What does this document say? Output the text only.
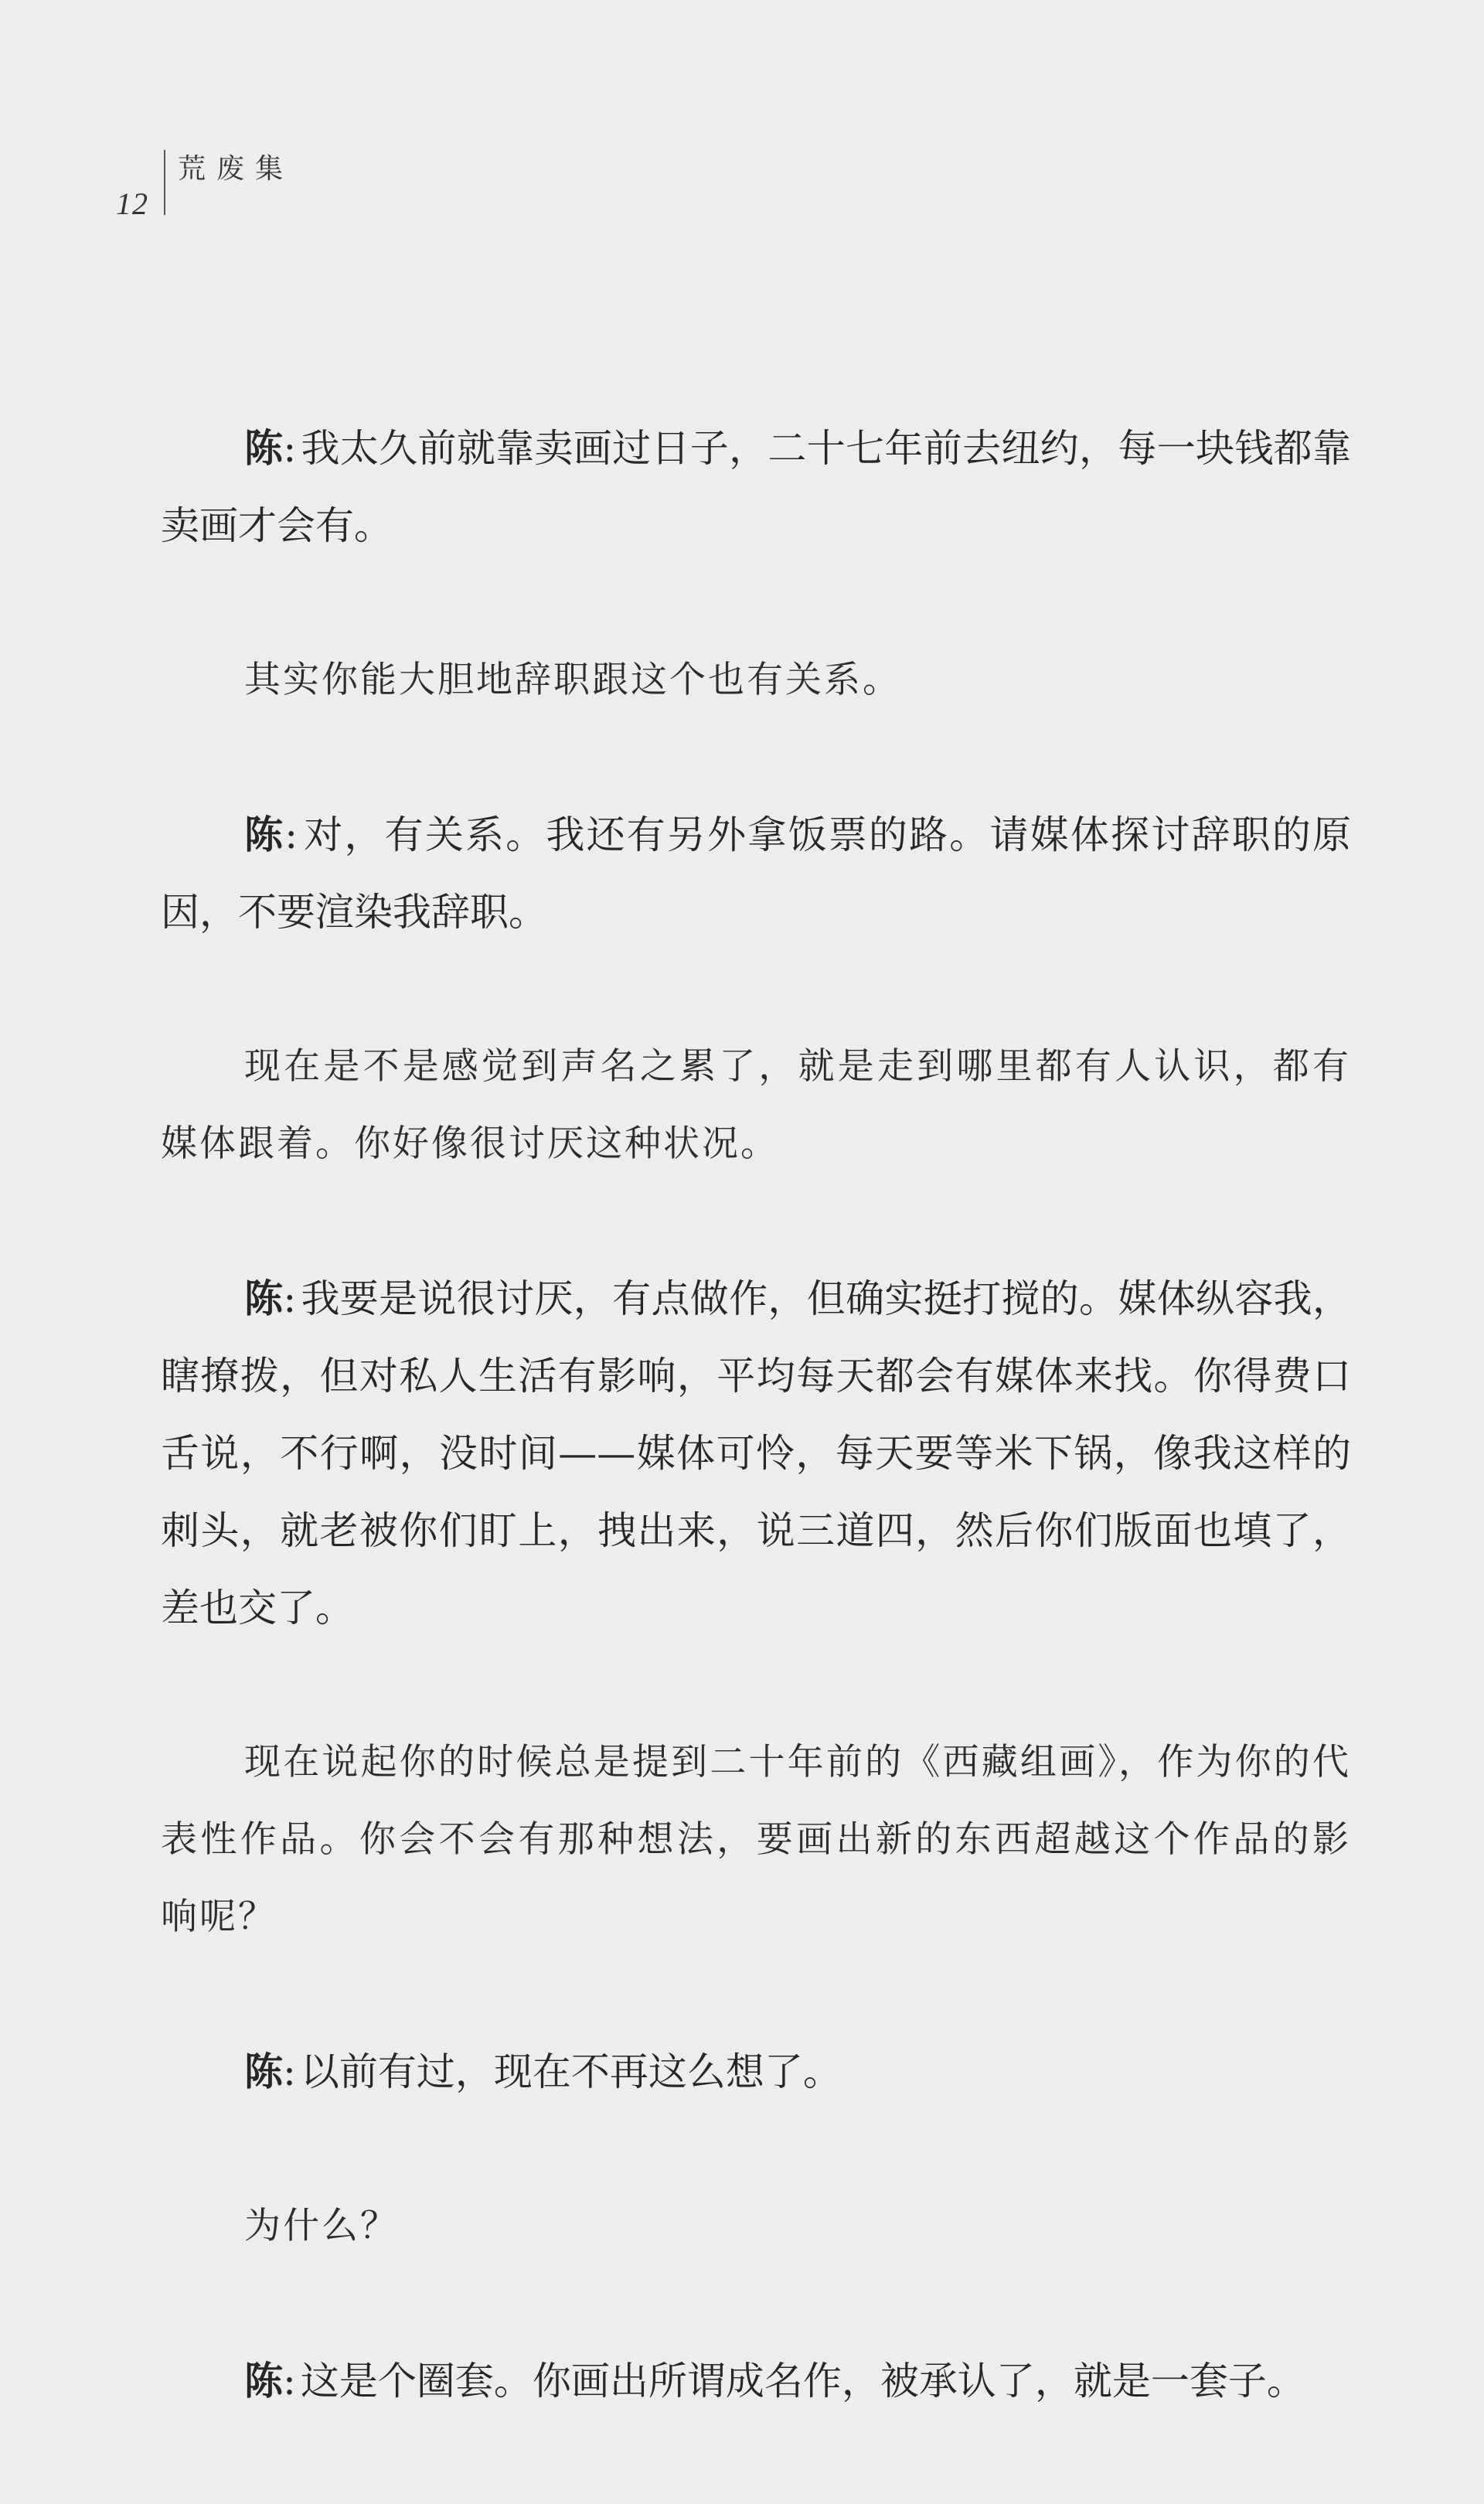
12
荒废集

陈: 我太久前就靠卖画过日子，二十七年前去纽约，每一块钱都靠卖画才会有。

其实你能大胆地辞职跟这个也有关系。

陈: 对，有关系。我还有另外拿饭票的路。请媒体探讨辞职的原因，不要渲染我辞职。

现在是不是感觉到声名之累了，就是走到哪里都有人认识，都有媒体跟着。你好像很讨厌这种状况。

陈: 我要是说很讨厌，有点做作，但确实挺打搅的。媒体纵容我，瞎撩拨，但对私人生活有影响，平均每天都会有媒体来找。你得费口舌说，不行啊，没时间——媒体可怜，每天要等米下锅，像我这样的刺头，就老被你们盯上，拽出来，说三道四，然后你们版面也填了，差也交了。

现在说起你的时候总是提到二十年前的《西藏组画》，作为你的代表性作品。你会不会有那种想法，要画出新的东西超越这个作品的影响呢？

陈: 以前有过，现在不再这么想了。

为什么？

陈: 这是个圈套。你画出所谓成名作，被承认了，就是一套子。
